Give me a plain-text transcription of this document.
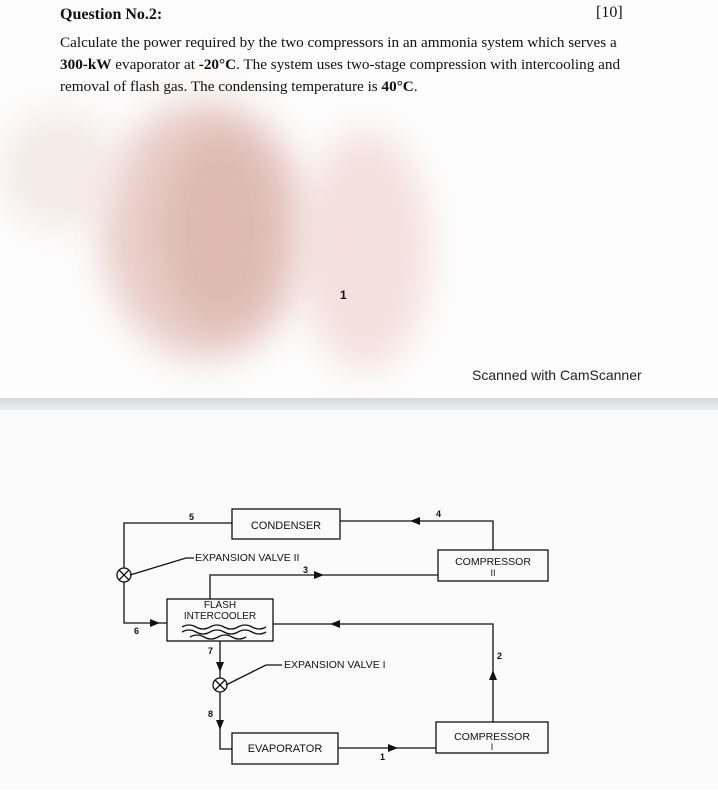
Question No.2:	[10]
Calculate the power required by the two compressors in an ammonia system which serves a 300-kW evaporator at -20°C. The system uses two-stage compression with intercooling and removal of flash gas. The condensing temperature is 40°C.
1
Scanned with CamScanner
CONDENSER
COMPRESSOR
II
EXPANSION VALVE II
FLASH
INTERCOOLER
EXPANSION VALVE I
EVAPORATOR
COMPRESSOR
I
1
2
3
4
5
6
7
8
